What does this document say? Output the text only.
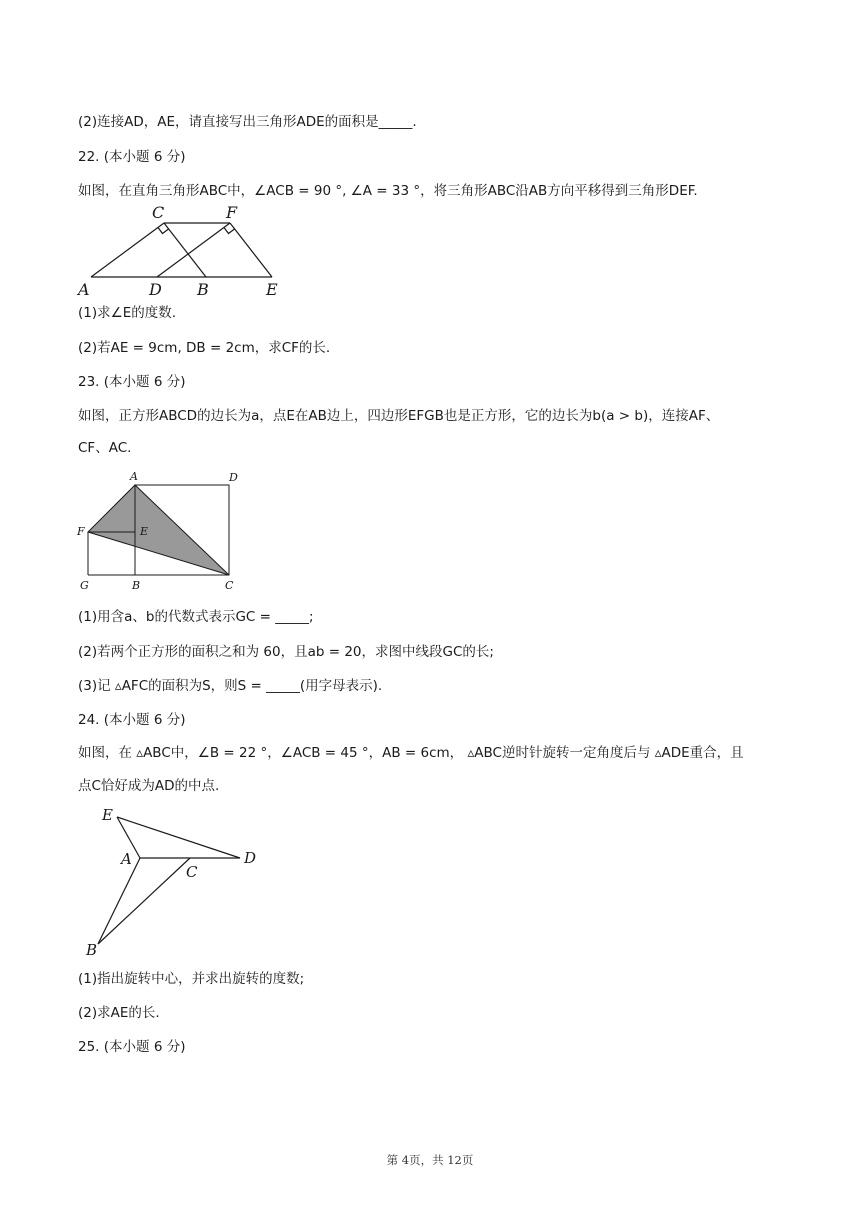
(2)连接AD，AE，请直接写出三角形ADE的面积是_____.
22. (本小题 6 分)
如图，在直角三角形ABC中，∠ACB = 90 °, ∠A = 33 °，将三角形ABC沿AB方向平移得到三角形DEF.
C	F
A	D B	E
(1)求∠E的度数.
(2)若AE = 9cm, DB = 2cm，求CF的长.
23. (本小题 6 分)
如图，正方形ABCD的边长为a，点E在AB边上，四边形EFGB也是正方形，它的边长为b(a > b)，连接AF、
CF、AC.
A	D
F	E
G	B	C
(1)用含a、b的代数式表示GC = _____;
(2)若两个正方形的面积之和为 60，且ab = 20，求图中线段GC的长;
(3)记 ▵AFC的面积为S，则S = _____(用字母表示).
24. (本小题 6 分)
如图，在 ▵ABC中，∠B = 22 °，∠ACB = 45 °，AB = 6cm， ▵ABC逆时针旋转一定角度后与 ▵ADE重合，且
点C恰好成为AD的中点.
E
A
C
D
B
(1)指出旋转中心，并求出旋转的度数;
(2)求AE的长.
25. (本小题 6 分)
第 4页，共 12页
